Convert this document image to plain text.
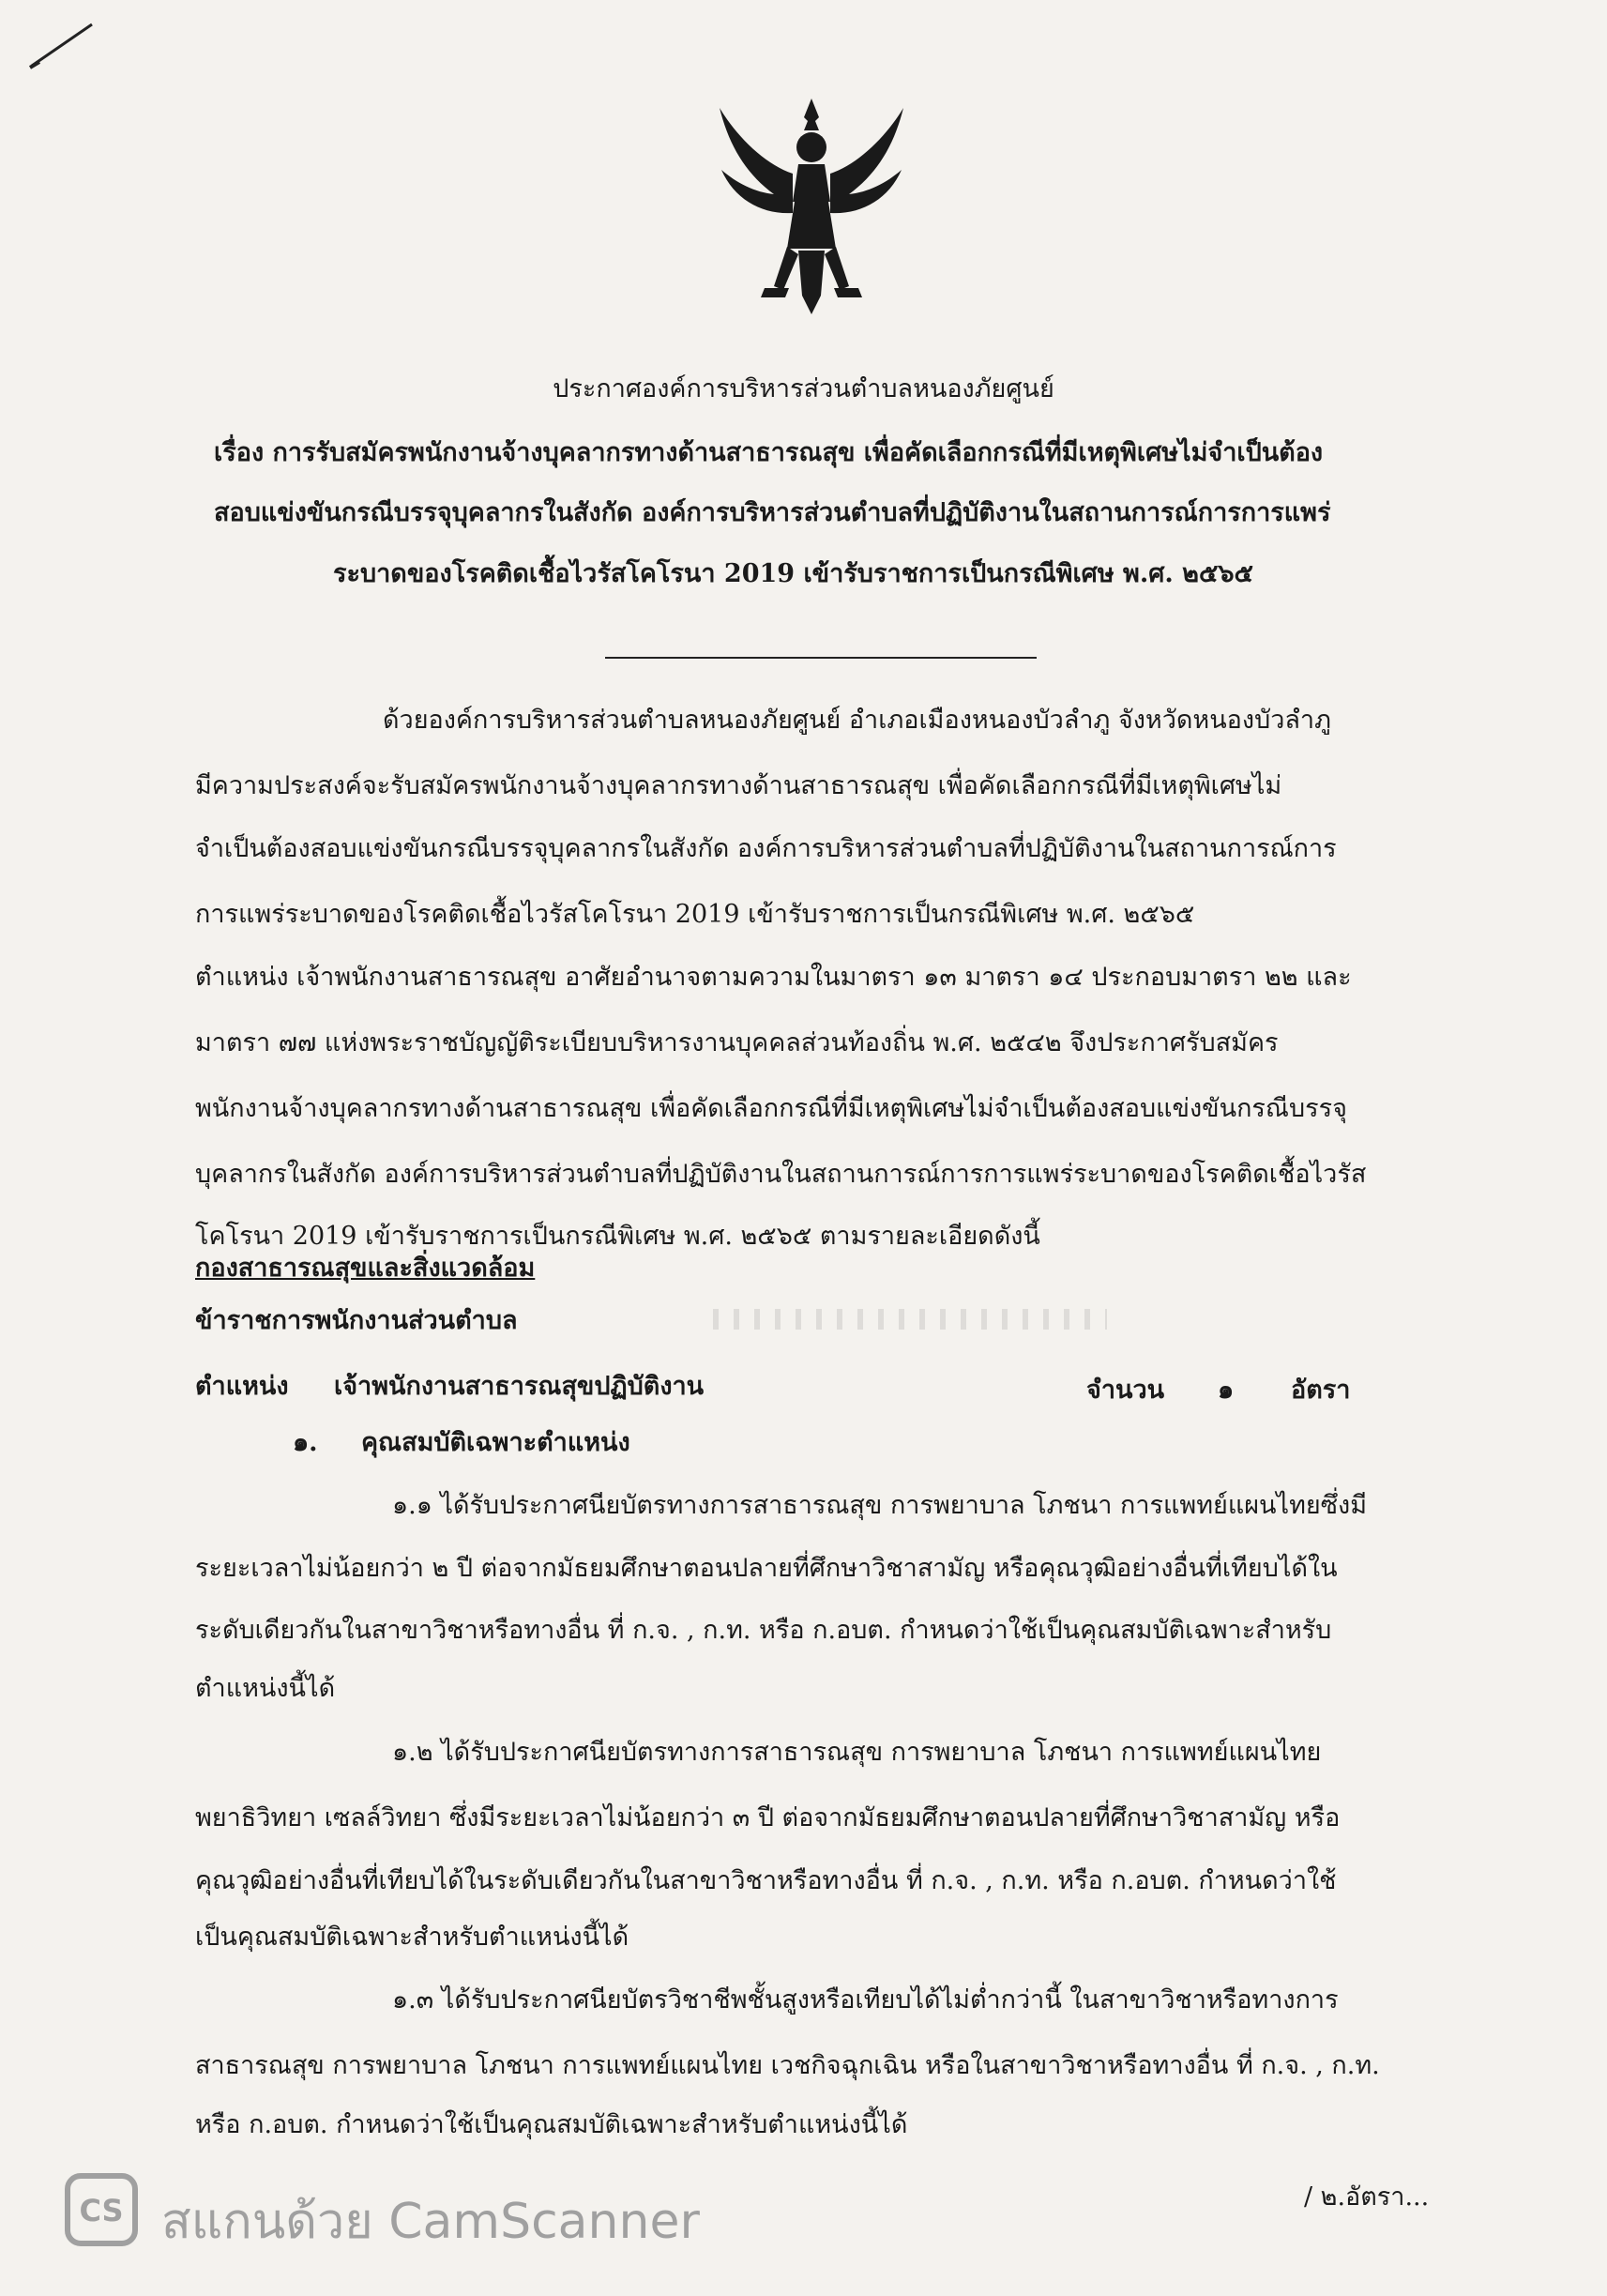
ประกาศองค์การบริหารส่วนตำบลหนองภัยศูนย์
เรื่อง การรับสมัครพนักงานจ้างบุคลากรทางด้านสาธารณสุข เพื่อคัดเลือกกรณีที่มีเหตุพิเศษไม่จำเป็นต้อง
สอบแข่งขันกรณีบรรจุบุคลากรในสังกัด องค์การบริหารส่วนตำบลที่ปฏิบัติงานในสถานการณ์การการแพร่
ระบาดของโรคติดเชื้อไวรัสโคโรนา 2019 เข้ารับราชการเป็นกรณีพิเศษ พ.ศ. ๒๕๖๕
ด้วยองค์การบริหารส่วนตำบลหนองภัยศูนย์ อำเภอเมืองหนองบัวลำภู จังหวัดหนองบัวลำภู
มีความประสงค์จะรับสมัครพนักงานจ้างบุคลากรทางด้านสาธารณสุข เพื่อคัดเลือกกรณีที่มีเหตุพิเศษไม่
จำเป็นต้องสอบแข่งขันกรณีบรรจุบุคลากรในสังกัด องค์การบริหารส่วนตำบลที่ปฏิบัติงานในสถานการณ์การ
การแพร่ระบาดของโรคติดเชื้อไวรัสโคโรนา 2019 เข้ารับราชการเป็นกรณีพิเศษ พ.ศ. ๒๕๖๕
ตำแหน่ง เจ้าพนักงานสาธารณสุข อาศัยอำนาจตามความในมาตรา ๑๓ มาตรา ๑๔ ประกอบมาตรา ๒๒ และ
มาตรา ๗๗ แห่งพระราชบัญญัติระเบียบบริหารงานบุคคลส่วนท้องถิ่น พ.ศ. ๒๕๔๒ จึงประกาศรับสมัคร
พนักงานจ้างบุคลากรทางด้านสาธารณสุข เพื่อคัดเลือกกรณีที่มีเหตุพิเศษไม่จำเป็นต้องสอบแข่งขันกรณีบรรจุ
บุคลากรในสังกัด องค์การบริหารส่วนตำบลที่ปฏิบัติงานในสถานการณ์การการแพร่ระบาดของโรคติดเชื้อไวรัส
โคโรนา 2019 เข้ารับราชการเป็นกรณีพิเศษ พ.ศ. ๒๕๖๕ ตามรายละเอียดดังนี้
กองสาธารณสุขและสิ่งแวดล้อม
ข้าราชการพนักงานส่วนตำบล
ตำแหน่ง เจ้าพนักงานสาธารณสุขปฏิบัติงาน	จำนวน ๑ อัตรา
๑. คุณสมบัติเฉพาะตำแหน่ง
๑.๑ ได้รับประกาศนียบัตรทางการสาธารณสุข การพยาบาล โภชนา การแพทย์แผนไทยซึ่งมี
ระยะเวลาไม่น้อยกว่า ๒ ปี ต่อจากมัธยมศึกษาตอนปลายที่ศึกษาวิชาสามัญ หรือคุณวุฒิอย่างอื่นที่เทียบได้ใน
ระดับเดียวกันในสาขาวิชาหรือทางอื่น ที่ ก.จ. , ก.ท. หรือ ก.อบต. กำหนดว่าใช้เป็นคุณสมบัติเฉพาะสำหรับ
ตำแหน่งนี้ได้
๑.๒ ได้รับประกาศนียบัตรทางการสาธารณสุข การพยาบาล โภชนา การแพทย์แผนไทย
พยาธิวิทยา เซลล์วิทยา ซึ่งมีระยะเวลาไม่น้อยกว่า ๓ ปี ต่อจากมัธยมศึกษาตอนปลายที่ศึกษาวิชาสามัญ หรือ
คุณวุฒิอย่างอื่นที่เทียบได้ในระดับเดียวกันในสาขาวิชาหรือทางอื่น ที่ ก.จ. , ก.ท. หรือ ก.อบต. กำหนดว่าใช้
เป็นคุณสมบัติเฉพาะสำหรับตำแหน่งนี้ได้
๑.๓ ได้รับประกาศนียบัตรวิชาชีพชั้นสูงหรือเทียบได้ไม่ต่ำกว่านี้ ในสาขาวิชาหรือทางการ
สาธารณสุข การพยาบาล โภชนา การแพทย์แผนไทย เวชกิจฉุกเฉิน หรือในสาขาวิชาหรือทางอื่น ที่ ก.จ. , ก.ท.
หรือ ก.อบต. กำหนดว่าใช้เป็นคุณสมบัติเฉพาะสำหรับตำแหน่งนี้ได้
/ ๒.อัตรา...
CS สแกนด้วย CamScanner
